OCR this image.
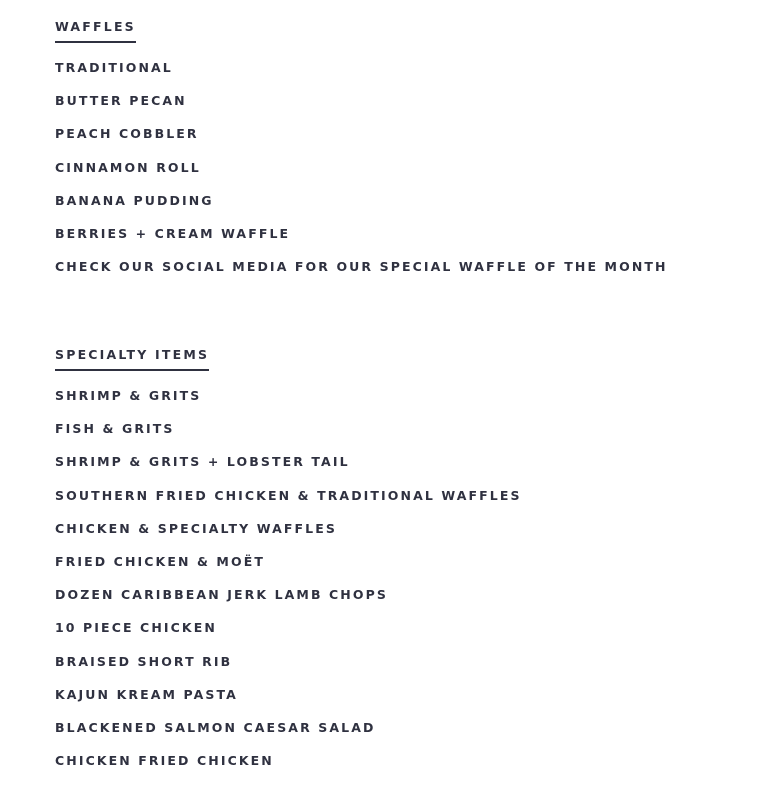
WAFFLES
TRADITIONAL
BUTTER PECAN
PEACH COBBLER
CINNAMON ROLL
BANANA PUDDING
BERRIES + CREAM WAFFLE
CHECK OUR SOCIAL MEDIA FOR OUR SPECIAL WAFFLE OF THE MONTH
SPECIALTY ITEMS
SHRIMP & GRITS
FISH & GRITS
SHRIMP & GRITS + LOBSTER TAIL
SOUTHERN FRIED CHICKEN & TRADITIONAL WAFFLES
CHICKEN & SPECIALTY WAFFLES
FRIED CHICKEN & MOËT
DOZEN CARIBBEAN JERK LAMB CHOPS
10 PIECE CHICKEN
BRAISED SHORT RIB
KAJUN KREAM PASTA
BLACKENED SALMON CAESAR SALAD
CHICKEN FRIED CHICKEN
